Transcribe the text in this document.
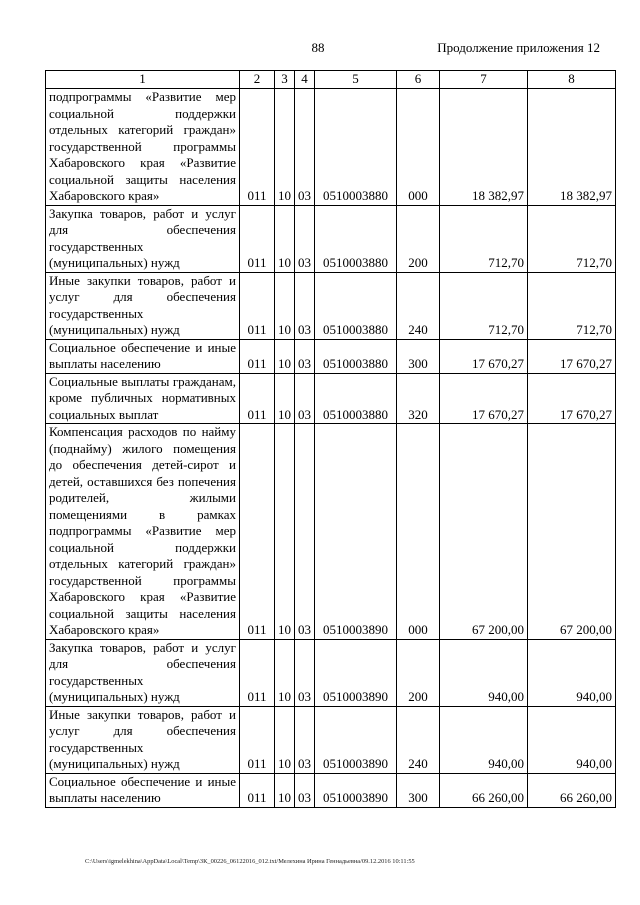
88	Продолжение приложения 12
1	2	3	4	5	6	7	8
подпрограммы «Развитие мер социальной поддержки отдельных категорий граждан» государственной программы Хабаровского края «Развитие социальной защиты населения Хабаровского края»	011	10	03	0510003880	000	18 382,97	18 382,97
Закупка товаров, работ и услуг для обеспечения государственных (муниципальных) нужд	011	10	03	0510003880	200	712,70	712,70
Иные закупки товаров, работ и услуг для обеспечения государственных (муниципальных) нужд	011	10	03	0510003880	240	712,70	712,70
Социальное обеспечение и иные выплаты населению	011	10	03	0510003880	300	17 670,27	17 670,27
Социальные выплаты гражданам, кроме публичных нормативных социальных выплат	011	10	03	0510003880	320	17 670,27	17 670,27
Компенсация расходов по найму (поднайму) жилого помещения до обеспечения детей-сирот и детей, оставшихся без попечения родителей, жилыми помещениями в рамках подпрограммы «Развитие мер социальной поддержки отдельных категорий граждан» государственной программы Хабаровского края «Развитие социальной защиты населения Хабаровского края»	011	10	03	0510003890	000	67 200,00	67 200,00
Закупка товаров, работ и услуг для обеспечения государственных (муниципальных) нужд	011	10	03	0510003890	200	940,00	940,00
Иные закупки товаров, работ и услуг для обеспечения государственных (муниципальных) нужд	011	10	03	0510003890	240	940,00	940,00
Социальное обеспечение и иные выплаты населению	011	10	03	0510003890	300	66 260,00	66 260,00
C:\Users\igmelekhina\AppData\Local\Temp\ЗК_00226_06122016_012.txt/Мелехина Ирина Геннадьевна/09.12.2016 10:11:55
